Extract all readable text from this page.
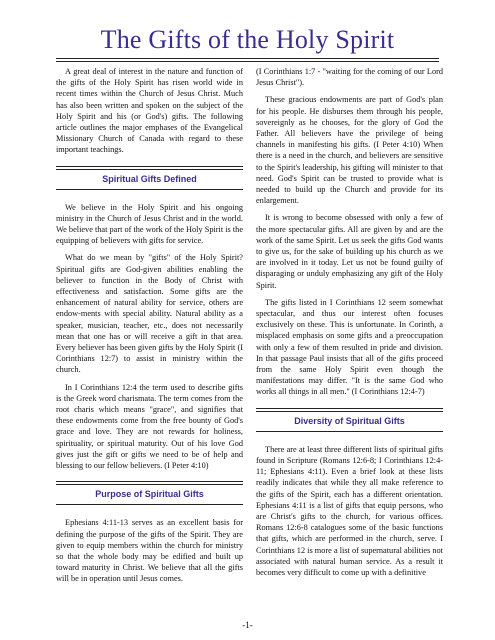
The Gifts of the Holy Spirit

A great deal of interest in the nature and function of the gifts of the Holy Spirit has risen world wide in recent times within the Church of Jesus Christ. Much has also been written and spoken on the subject of the Holy Spirit and his (or God's) gifts. The following article outlines the major emphases of the Evangelical Missionary Church of Canada with regard to these important teachings.

Spiritual Gifts Defined

We believe in the Holy Spirit and his ongoing ministry in the Church of Jesus Christ and in the world. We believe that part of the work of the Holy Spirit is the equipping of believers with gifts for service.

What do we mean by "gifts" of the Holy Spirit? Spiritual gifts are God-given abilities enabling the believer to function in the Body of Christ with effectiveness and satisfaction. Some gifts are the enhancement of natural ability for service, others are endow-ments with special ability. Natural ability as a speaker, musician, teacher, etc., does not necessarily mean that one has or will receive a gift in that area. Every believer has been given gifts by the Holy Spirit (I Corinthians 12:7) to assist in ministry within the church.

In I Corinthians 12:4 the term used to describe gifts is the Greek word charismata. The term comes from the root charis which means "grace", and signifies that these endowments come from the free bounty of God's grace and love. They are not rewards for holiness, spirituality, or spiritual maturity. Out of his love God gives just the gift or gifts we need to be of help and blessing to our fellow believers. (I Peter 4:10)

Purpose of Spiritual Gifts

Ephesians 4:11-13 serves as an excellent basis for defining the purpose of the gifts of the Spirit. They are given to equip members within the church for ministry so that the whole body may be edified and built up toward maturity in Christ. We believe that all the gifts will be in operation until Jesus comes.

(I Corinthians 1:7 - "waiting for the coming of our Lord Jesus Christ").

These gracious endowments are part of God's plan for his people. He disburses them through his people, sovereignly as he chooses, for the glory of God the Father. All believers have the privilege of being channels in manifesting his gifts. (I Peter 4:10) When there is a need in the church, and believers are sensitive to the Spirit's leadership, his gifting will minister to that need. God's Spirit can be trusted to provide what is needed to build up the Church and provide for its enlargement.

It is wrong to become obsessed with only a few of the more spectacular gifts. All are given by and are the work of the same Spirit. Let us seek the gifts God wants to give us, for the sake of building up his church as we are involved in it today. Let us not be found guilty of disparaging or unduly emphasizing any gift of the Holy Spirit.

The gifts listed in I Corinthians 12 seem somewhat spectacular, and thus our interest often focuses exclusively on these. This is unfortunate. In Corinth, a misplaced emphasis on some gifts and a preoccupation with only a few of them resulted in pride and division. In that passage Paul insists that all of the gifts proceed from the same Holy Spirit even though the manifestations may differ. "It is the same God who works all things in all men." (I Corinthians 12:4-7)

Diversity of Spiritual Gifts

There are at least three different lists of spiritual gifts found in Scripture (Romans 12:6-8; I Corinthians 12:4-11; Ephesians 4:11). Even a brief look at these lists readily indicates that while they all make reference to the gifts of the Spirit, each has a different orientation. Ephesians 4:11 is a list of gifts that equip persons, who are Christ's gifts to the church, for various offices. Romans 12:6-8 catalogues some of the basic functions that gifts, which are performed in the church, serve. I Corinthians 12 is more a list of supernatural abilities not associated with natural human service. As a result it becomes very difficult to come up with a definitive

-1-
